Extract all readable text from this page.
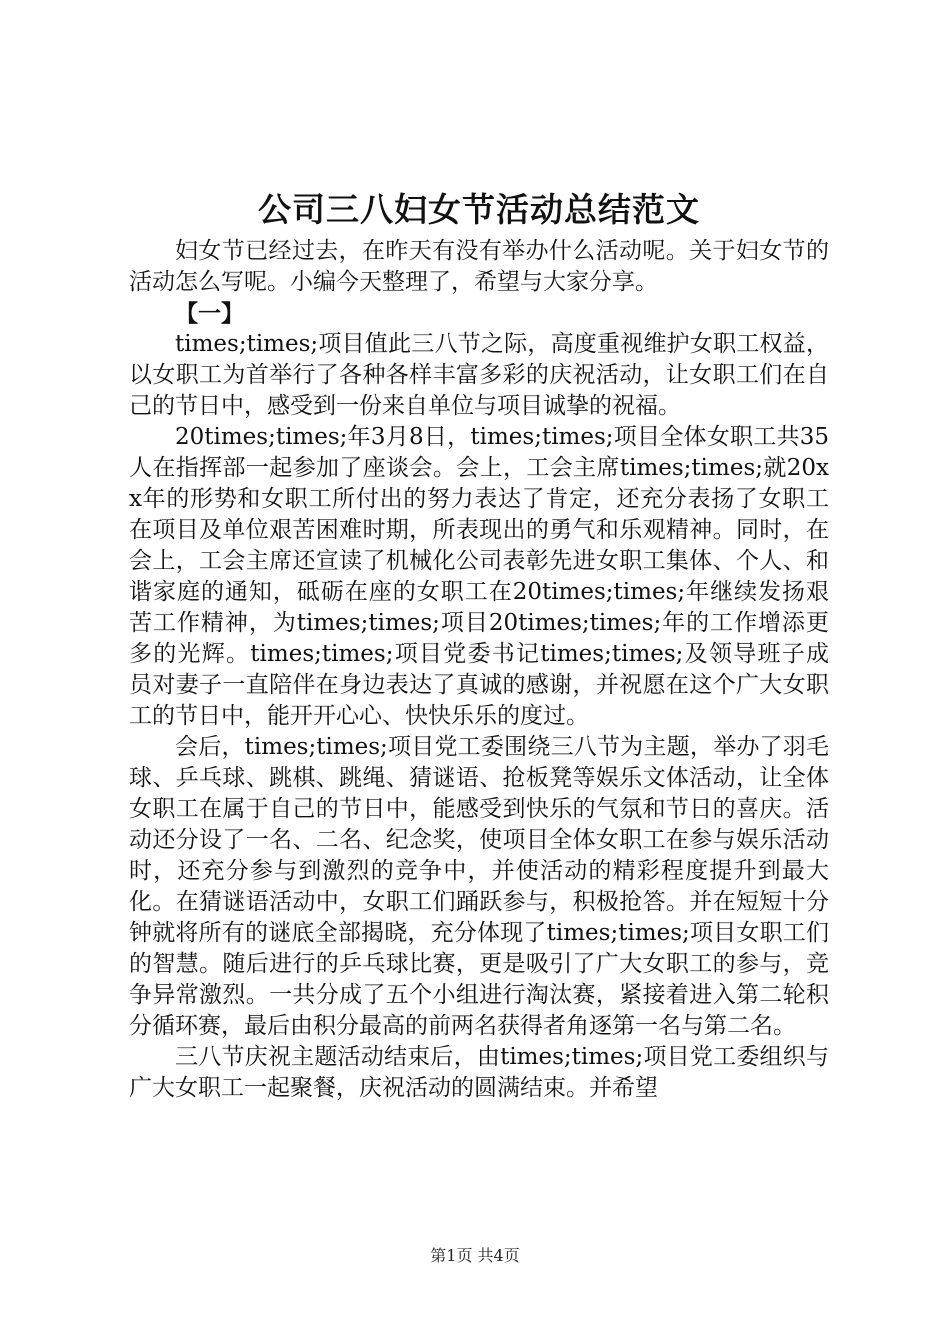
公司三八妇女节活动总结范文

妇女节已经过去，在昨天有没有举办什么活动呢。关于妇女节的活动怎么写呢。小编今天整理了，希望与大家分享。

【一】

times;times;项目值此三八节之际，高度重视维护女职工权益，以女职工为首举行了各种各样丰富多彩的庆祝活动，让女职工们在自己的节日中，感受到一份来自单位与项目诚挚的祝福。

20times;times;年3月8日，times;times;项目全体女职工共35人在指挥部一起参加了座谈会。会上，工会主席times;times;就20xx年的形势和女职工所付出的努力表达了肯定，还充分表扬了女职工在项目及单位艰苦困难时期，所表现出的勇气和乐观精神。同时，在会上，工会主席还宣读了机械化公司表彰先进女职工集体、个人、和谐家庭的通知，砥砺在座的女职工在20times;times;年继续发扬艰苦工作精神，为times;times;项目20times;times;年的工作增添更多的光辉。times;times;项目党委书记times;times;及领导班子成员对妻子一直陪伴在身边表达了真诚的感谢，并祝愿在这个广大女职工的节日中，能开开心心、快快乐乐的度过。

会后，times;times;项目党工委围绕三八节为主题，举办了羽毛球、乒乓球、跳棋、跳绳、猜谜语、抢板凳等娱乐文体活动，让全体女职工在属于自己的节日中，能感受到快乐的气氛和节日的喜庆。活动还分设了一名、二名、纪念奖，使项目全体女职工在参与娱乐活动时，还充分参与到激烈的竞争中，并使活动的精彩程度提升到最大化。在猜谜语活动中，女职工们踊跃参与，积极抢答。并在短短十分钟就将所有的谜底全部揭晓，充分体现了times;times;项目女职工们的智慧。随后进行的乒乓球比赛，更是吸引了广大女职工的参与，竞争异常激烈。一共分成了五个小组进行淘汰赛，紧接着进入第二轮积分循环赛，最后由积分最高的前两名获得者角逐第一名与第二名。

三八节庆祝主题活动结束后，由times;times;项目党工委组织与广大女职工一起聚餐，庆祝活动的圆满结束。并希望

第1页 共4页
